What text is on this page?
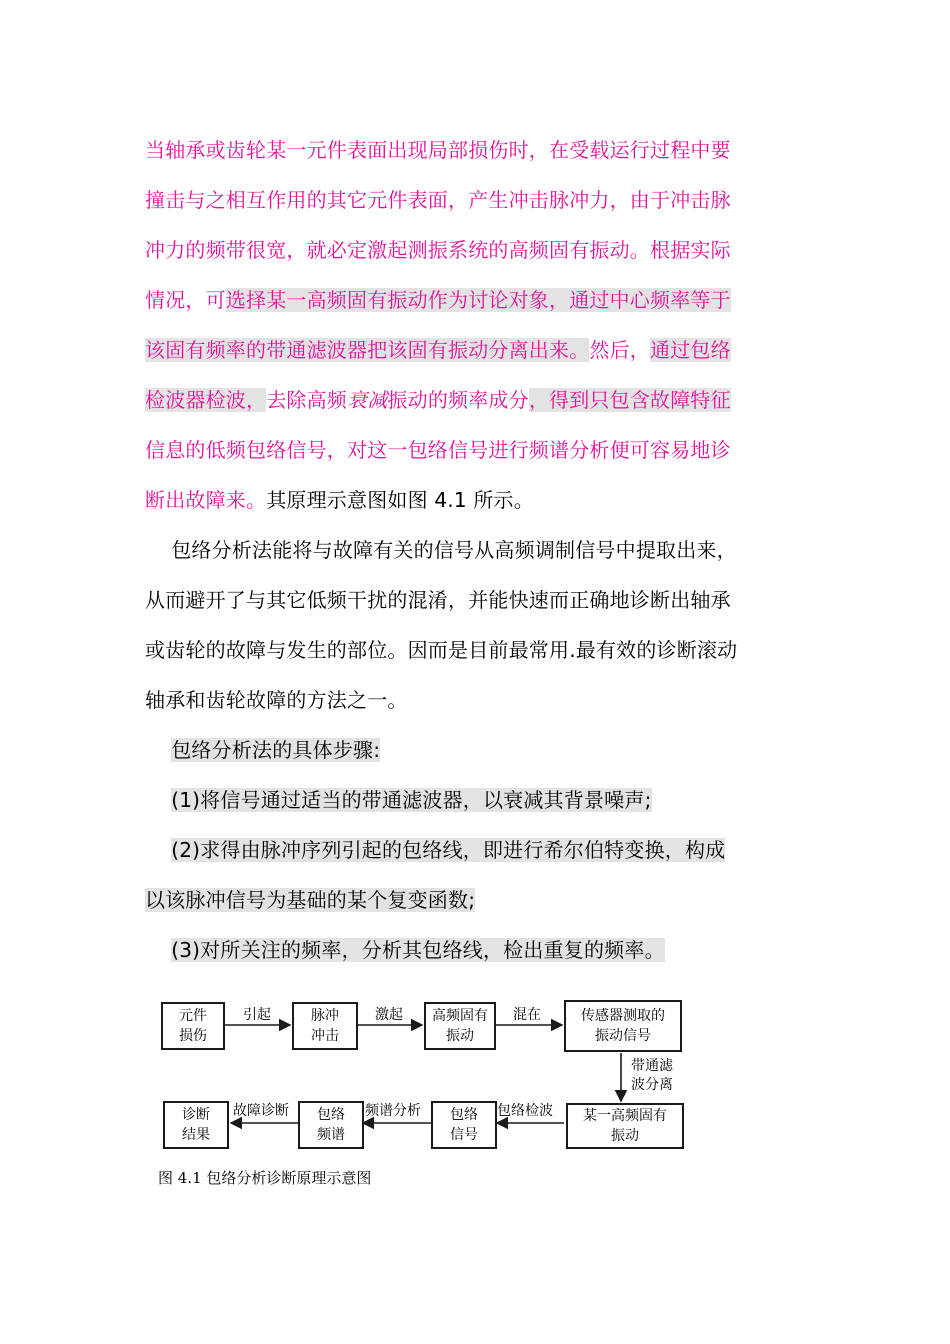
当轴承或齿轮某一元件表面出现局部损伤时，在受载运行过程中要
撞击与之相互作用的其它元件表面，产生冲击脉冲力，由于冲击脉
冲力的频带很宽，就必定激起测振系统的高频固有振动。根据实际
情况，可选择某一高频固有振动作为讨论对象，通过中心频率等于
该固有频率的带通滤波器把该固有振动分离出来。然后，通过包络
检波器检波，去除高频衰减振动的频率成分，得到只包含故障特征
信息的低频包络信号，对这一包络信号进行频谱分析便可容易地诊
断出故障来。其原理示意图如图 4.1 所示。
包络分析法能将与故障有关的信号从高频调制信号中提取出来，
从而避开了与其它低频干扰的混淆，并能快速而正确地诊断出轴承
或齿轮的故障与发生的部位。因而是目前最常用.最有效的诊断滚动
轴承和齿轮故障的方法之一。
包络分析法的具体步骤:
(1)将信号通过适当的带通滤波器，以衰减其背景噪声;
(2)求得由脉冲序列引起的包络线，即进行希尔伯特变换，构成
以该脉冲信号为基础的某个复变函数;
(3)对所关注的频率，分析其包络线，检出重复的频率。
元件
损伤
脉冲
冲击
高频固有
振动
传感器测取的
振动信号
某一高频固有
振动
包络
信号
包络
频谱
诊断
结果
引起	激起	混在
带通滤
波分离
包络检波
频谱分析
故障诊断
图 4.1 包络分析诊断原理示意图
